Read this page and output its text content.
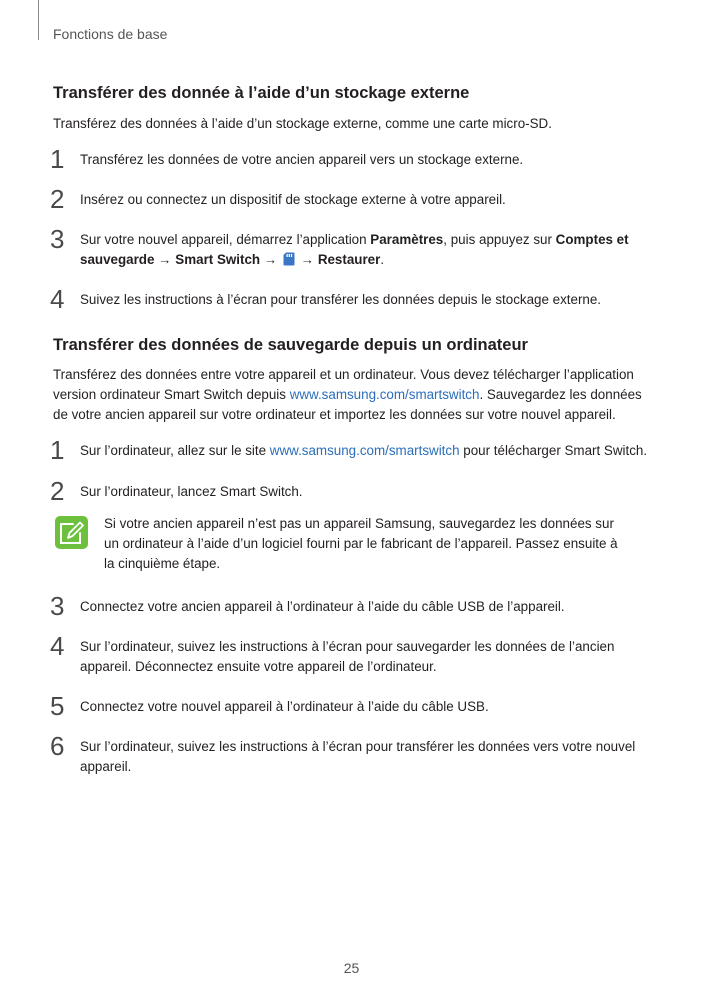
Fonctions de base
Transférer des donnée à l’aide d’un stockage externe

Transférez des données à l’aide d’un stockage externe, comme une carte micro-SD.

1 Transférez les données de votre ancien appareil vers un stockage externe.
2 Insérez ou connectez un dispositif de stockage externe à votre appareil.
3 Sur votre nouvel appareil, démarrez l’application Paramètres, puis appuyez sur Comptes et sauvegarde → Smart Switch →  → Restaurer.
4 Suivez les instructions à l’écran pour transférer les données depuis le stockage externe.
Transférer des données de sauvegarde depuis un ordinateur

Transférez des données entre votre appareil et un ordinateur. Vous devez télécharger l’application version ordinateur Smart Switch depuis www.samsung.com/smartswitch. Sauvegardez les données de votre ancien appareil sur votre ordinateur et importez les données sur votre nouvel appareil.

1 Sur l’ordinateur, allez sur le site www.samsung.com/smartswitch pour télécharger Smart Switch.
2 Sur l’ordinateur, lancez Smart Switch.
Si votre ancien appareil n’est pas un appareil Samsung, sauvegardez les données sur un ordinateur à l’aide d’un logiciel fourni par le fabricant de l’appareil. Passez ensuite à la cinquième étape.
3 Connectez votre ancien appareil à l’ordinateur à l’aide du câble USB de l’appareil.
4 Sur l’ordinateur, suivez les instructions à l’écran pour sauvegarder les données de l’ancien appareil. Déconnectez ensuite votre appareil de l’ordinateur.
5 Connectez votre nouvel appareil à l’ordinateur à l’aide du câble USB.
6 Sur l’ordinateur, suivez les instructions à l’écran pour transférer les données vers votre nouvel appareil.
25
